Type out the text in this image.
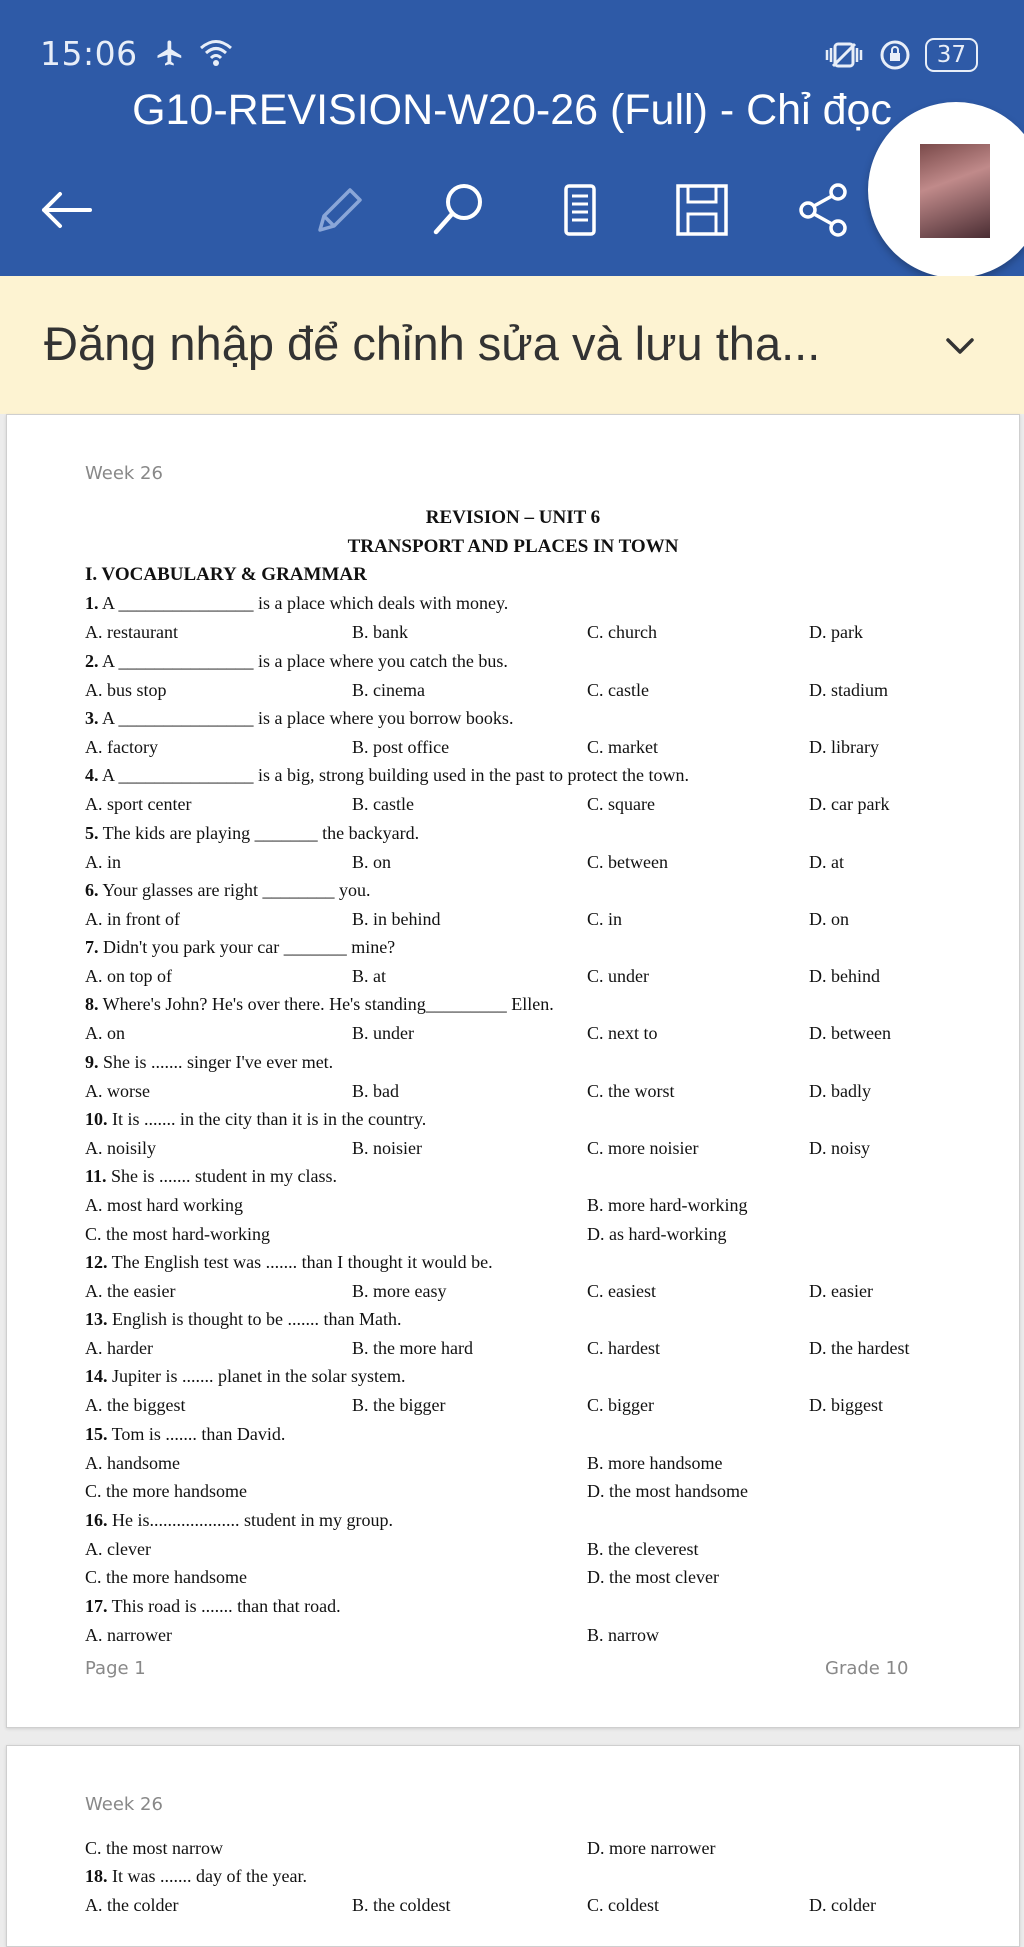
15:06	37
G10-REVISION-W20-26 (Full) - Chỉ đọc
Đăng nhập để chỉnh sửa và lưu tha...
Week 26
REVISION – UNIT 6
TRANSPORT AND PLACES IN TOWN
I. VOCABULARY & GRAMMAR
1. A _______________ is a place which deals with money.
A. restaurant	B. bank	C. church	D. park
2. A _______________ is a place where you catch the bus.
A. bus stop	B. cinema	C. castle	D. stadium
3. A _______________ is a place where you borrow books.
A. factory	B. post office	C. market	D. library
4. A _______________ is a big, strong building used in the past to protect the town.
A. sport center	B. castle	C. square	D. car park
5. The kids are playing _______ the backyard.
A. in	B. on	C. between	D. at
6. Your glasses are right ________ you.
A. in front of	B. in behind	C. in	D. on
7. Didn't you park your car _______ mine?
A. on top of	B. at	C. under	D. behind
8. Where's John? He's over there. He's standing_________ Ellen.
A. on	B. under	C. next to	D. between
9. She is ....... singer I've ever met.
A. worse	B. bad	C. the worst	D. badly
10. It is ....... in the city than it is in the country.
A. noisily	B. noisier	C. more noisier	D. noisy
11. She is ....... student in my class.
A. most hard working	B. more hard-working
C. the most hard-working	D. as hard-working
12. The English test was ....... than I thought it would be.
A. the easier	B. more easy	C. easiest	D. easier
13. English is thought to be ....... than Math.
A. harder	B. the more hard	C. hardest	D. the hardest
14. Jupiter is ....... planet in the solar system.
A. the biggest	B. the bigger	C. bigger	D. biggest
15. Tom is ....... than David.
A. handsome	B. more handsome
C. the more handsome	D. the most handsome
16. He is.................... student in my group.
A. clever	B. the cleverest
C. the more handsome	D. the most clever
17. This road is ....... than that road.
A. narrower	B. narrow
Page 1	Grade 10
Week 26
C. the most narrow	D. more narrower
18. It was ....... day of the year.
A. the colder	B. the coldest	C. coldest	D. colder
